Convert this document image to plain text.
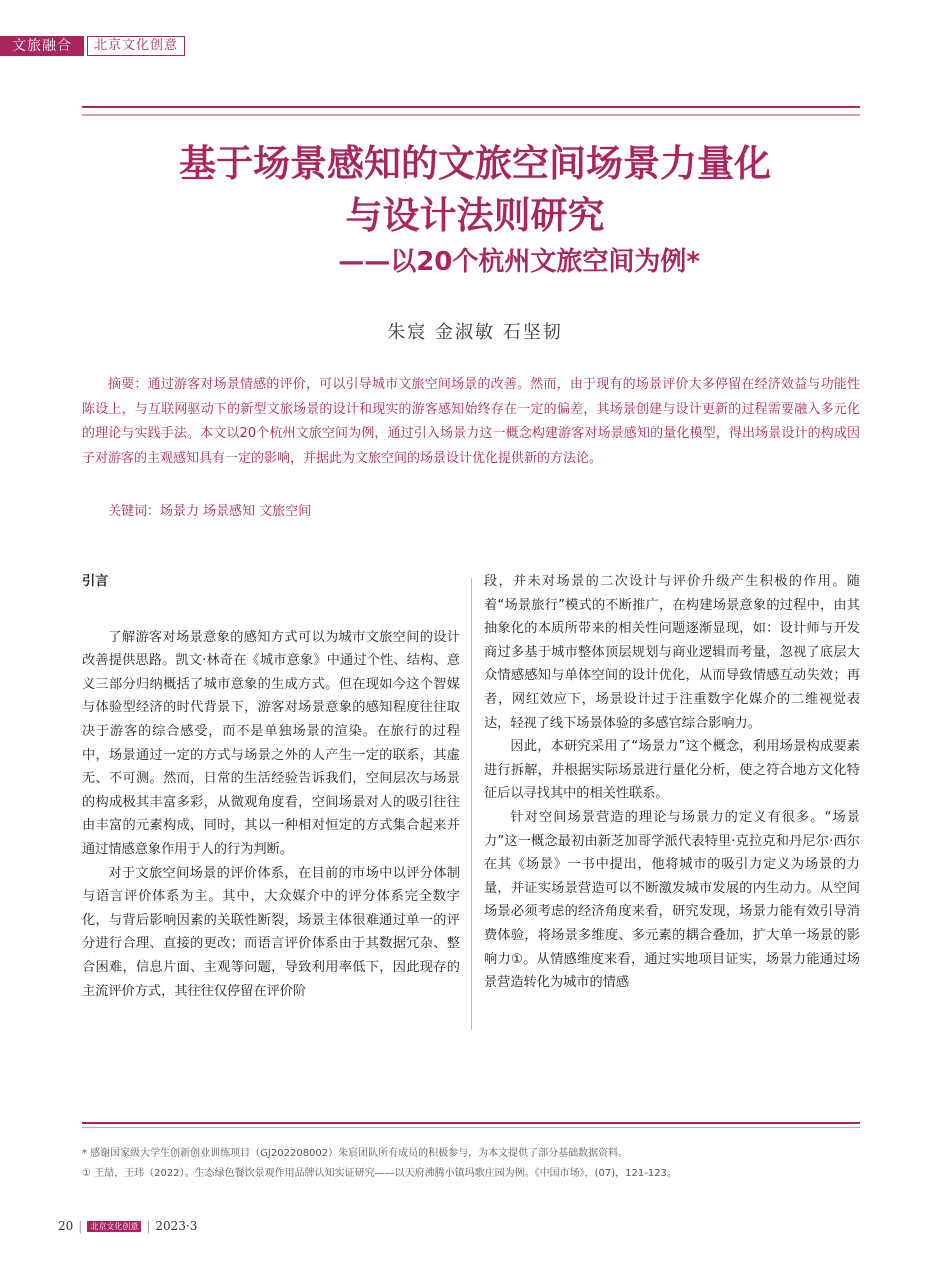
文旅融合	北京文化创意
基于场景感知的文旅空间场景力量化
与设计法则研究
——以20个杭州文旅空间为例*
朱宸 金淑敏 石坚韧
摘要：通过游客对场景情感的评价，可以引导城市文旅空间场景的改善。然而，由于现有的场景评价大多停留在经济效益与功能性陈设上，与互联网驱动下的新型文旅场景的设计和现实的游客感知始终存在一定的偏差，其场景创建与设计更新的过程需要融入多元化的理论与实践手法。本文以20个杭州文旅空间为例，通过引入场景力这一概念构建游客对场景感知的量化模型，得出场景设计的构成因子对游客的主观感知具有一定的影响，并据此为文旅空间的场景设计优化提供新的方法论。
关键词：场景力 场景感知 文旅空间
引言

了解游客对场景意象的感知方式可以为城市文旅空间的设计改善提供思路。凯文·林奇在《城市意象》中通过个性、结构、意义三部分归纳概括了城市意象的生成方式。但在现如今这个智媒与体验型经济的时代背景下，游客对场景意象的感知程度往往取决于游客的综合感受，而不是单独场景的渲染。在旅行的过程中，场景通过一定的方式与场景之外的人产生一定的联系，其虚无、不可测。然而，日常的生活经验告诉我们，空间层次与场景的构成极其丰富多彩，从微观角度看，空间场景对人的吸引往往由丰富的元素构成，同时，其以一种相对恒定的方式集合起来并通过情感意象作用于人的行为判断。

对于文旅空间场景的评价体系，在目前的市场中以评分体制与语言评价体系为主。其中，大众媒介中的评分体系完全数字化，与背后影响因素的关联性断裂，场景主体很难通过单一的评分进行合理、直接的更改；而语言评价体系由于其数据冗杂、整合困难，信息片面、主观等问题，导致利用率低下，因此现存的主流评价方式，其往往仅停留在评价阶

段，并未对场景的二次设计与评价升级产生积极的作用。随着“场景旅行”模式的不断推广，在构建场景意象的过程中，由其抽象化的本质所带来的相关性问题逐渐显现，如：设计师与开发商过多基于城市整体顶层规划与商业逻辑而考量，忽视了底层大众情感感知与单体空间的设计优化，从而导致情感互动失效；再者，网红效应下，场景设计过于注重数字化媒介的二维视觉表达，轻视了线下场景体验的多感官综合影响力。

因此，本研究采用了“场景力”这个概念，利用场景构成要素进行拆解，并根据实际场景进行量化分析，使之符合地方文化特征后以寻找其中的相关性联系。

针对空间场景营造的理论与场景力的定义有很多。“场景力”这一概念最初由新芝加哥学派代表特里·克拉克和丹尼尔·西尔在其《场景》一书中提出，他将城市的吸引力定义为场景的力量，并证实场景营造可以不断激发城市发展的内生动力。从空间场景必须考虑的经济角度来看，研究发现，场景力能有效引导消费体验，将场景多维度、多元素的耦合叠加，扩大单一场景的影响力①。从情感维度来看，通过实地项目证实，场景力能通过场景营造转化为城市的情感

* 感谢国家级大学生创新创业训练项目（GJ202208002）朱宸团队所有成员的积极参与，为本文提供了部分基础数据资料。
① 王喆，王玮（2022）。生态绿色餐饮景观作用品牌认知实证研究——以天府沸腾小镇玛歌庄园为例。《中国市场》，(07)，121-123。
20 |	北京文化创意 | 2023·3
